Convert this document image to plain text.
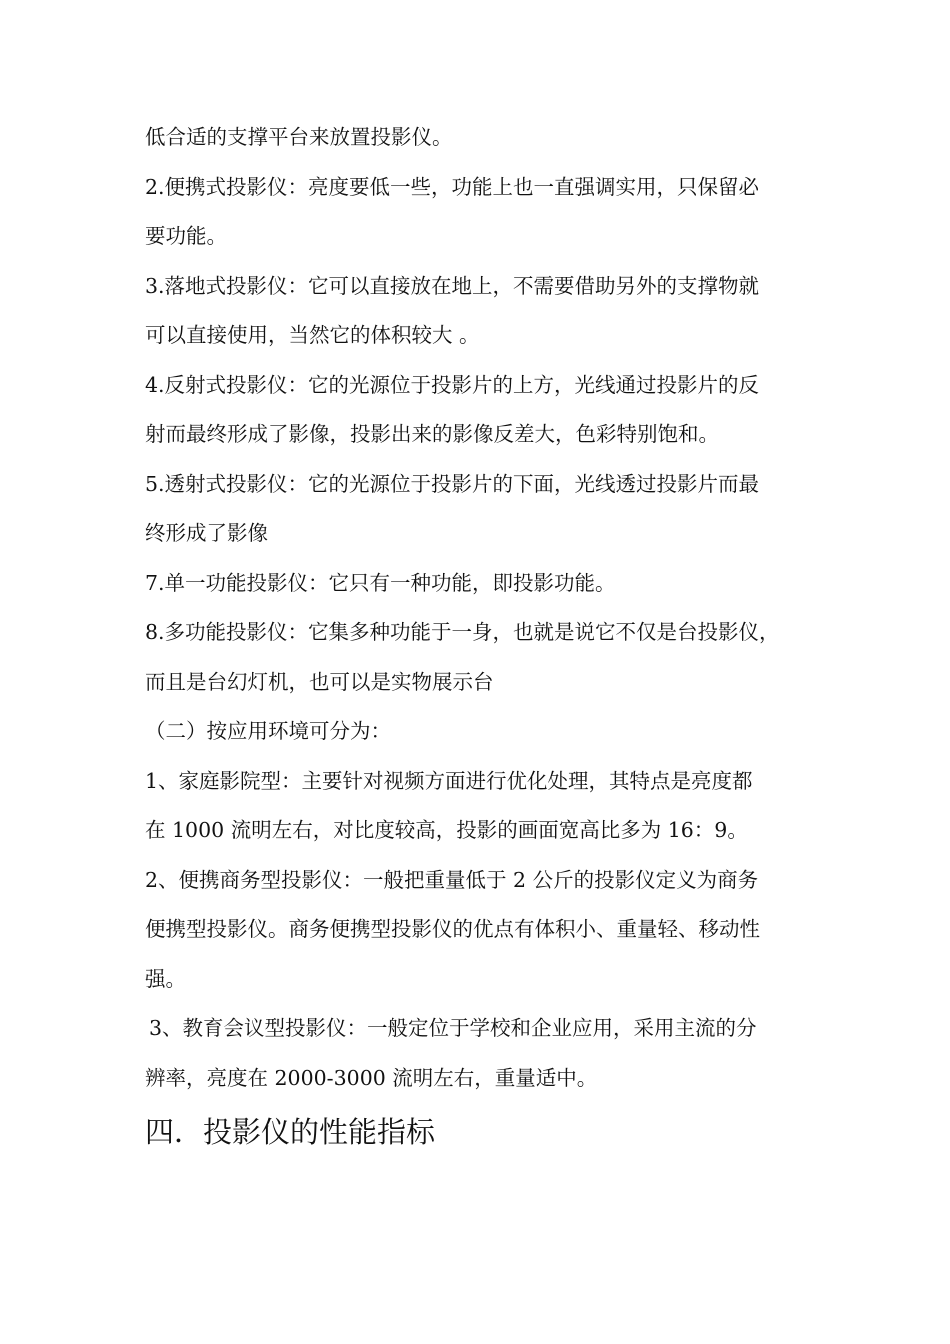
低合适的支撑平台来放置投影仪。
2.便携式投影仪：亮度要低一些，功能上也一直强调实用，只保留必
要功能。
3.落地式投影仪：它可以直接放在地上，不需要借助另外的支撑物就
可以直接使用，当然它的体积较大 。
4.反射式投影仪：它的光源位于投影片的上方，光线通过投影片的反
射而最终形成了影像，投影出来的影像反差大，色彩特别饱和。
5.透射式投影仪：它的光源位于投影片的下面，光线透过投影片而最
终形成了影像
7.单一功能投影仪：它只有一种功能，即投影功能。
8.多功能投影仪：它集多种功能于一身，也就是说它不仅是台投影仪，
而且是台幻灯机，也可以是实物展示台
（二）按应用环境可分为：
1、家庭影院型：主要针对视频方面进行优化处理，其特点是亮度都
在 1000 流明左右，对比度较高，投影的画面宽高比多为 16：9。
2、便携商务型投影仪：一般把重量低于 2 公斤的投影仪定义为商务
便携型投影仪。商务便携型投影仪的优点有体积小、重量轻、移动性
强。
3、教育会议型投影仪：一般定位于学校和企业应用，采用主流的分
辨率，亮度在 2000-3000 流明左右，重量适中。
四．投影仪的性能指标
